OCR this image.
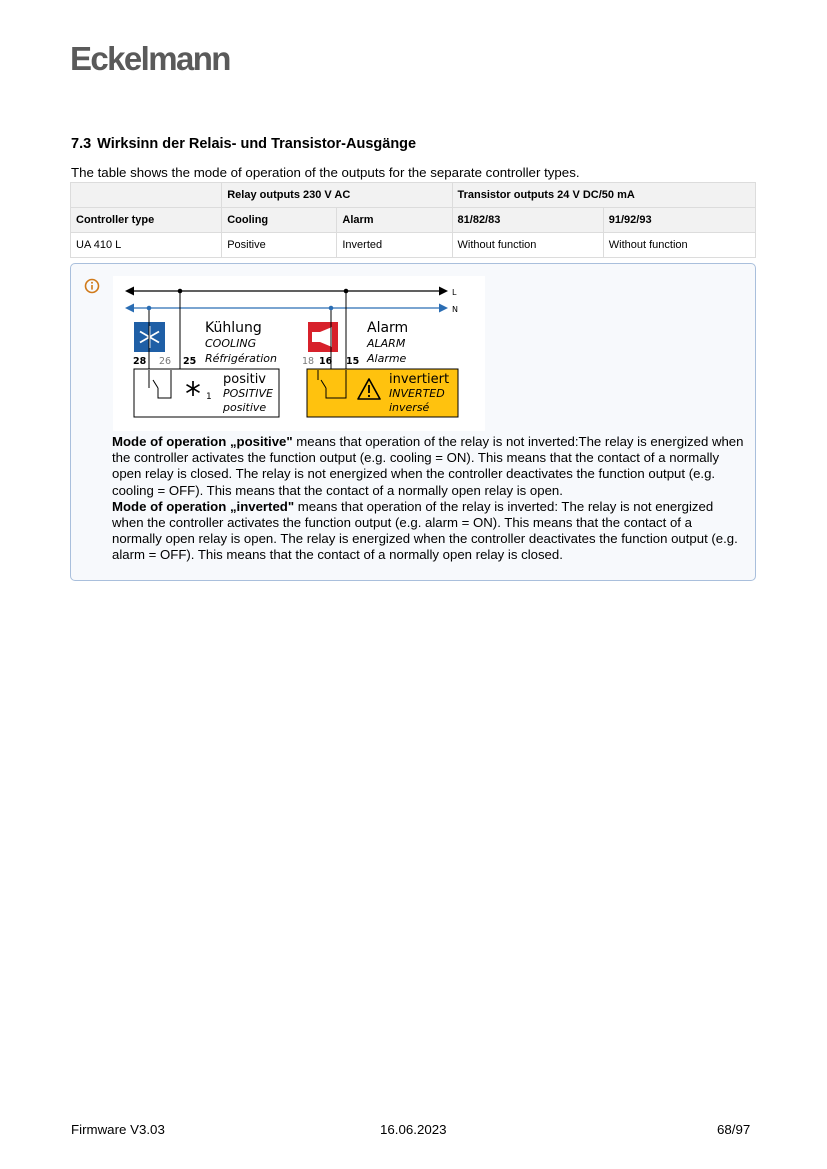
Eckelmann
7.3 Wirksinn der Relais- und Transistor-Ausgänge
The table shows the mode of operation of the outputs for the separate controller types.
	Relay outputs 230 V AC		Transistor outputs 24 V DC/50 mA	
Controller type	Cooling	Alarm	81/82/83	91/92/93
UA 410 L	Positive	Inverted	Without function	Without function
L
N
Kühlung
COOLING
Réfrigération
28 26 25
1
positiv
POSITIVE
positive
Alarm
ALARM
Alarme
18 16 15
invertiert
INVERTED
inversé

Mode of operation „positive" means that operation of the relay is not inverted:The relay is energized when the controller activates the function output (e.g. cooling = ON). This means that the contact of a normally open relay is closed. The relay is not energized when the controller deactivates the function output (e.g. cooling = OFF). This means that the contact of a normally open relay is open.

Mode of operation „inverted" means that operation of the relay is inverted: The relay is not energized when the controller activates the function output (e.g. alarm = ON). This means that the contact of a normally open relay is open. The relay is energized when the controller deactivates the function output (e.g. alarm = OFF). This means that the contact of a normally open relay is closed.

Firmware V3.03	16.06.2023	68/97
